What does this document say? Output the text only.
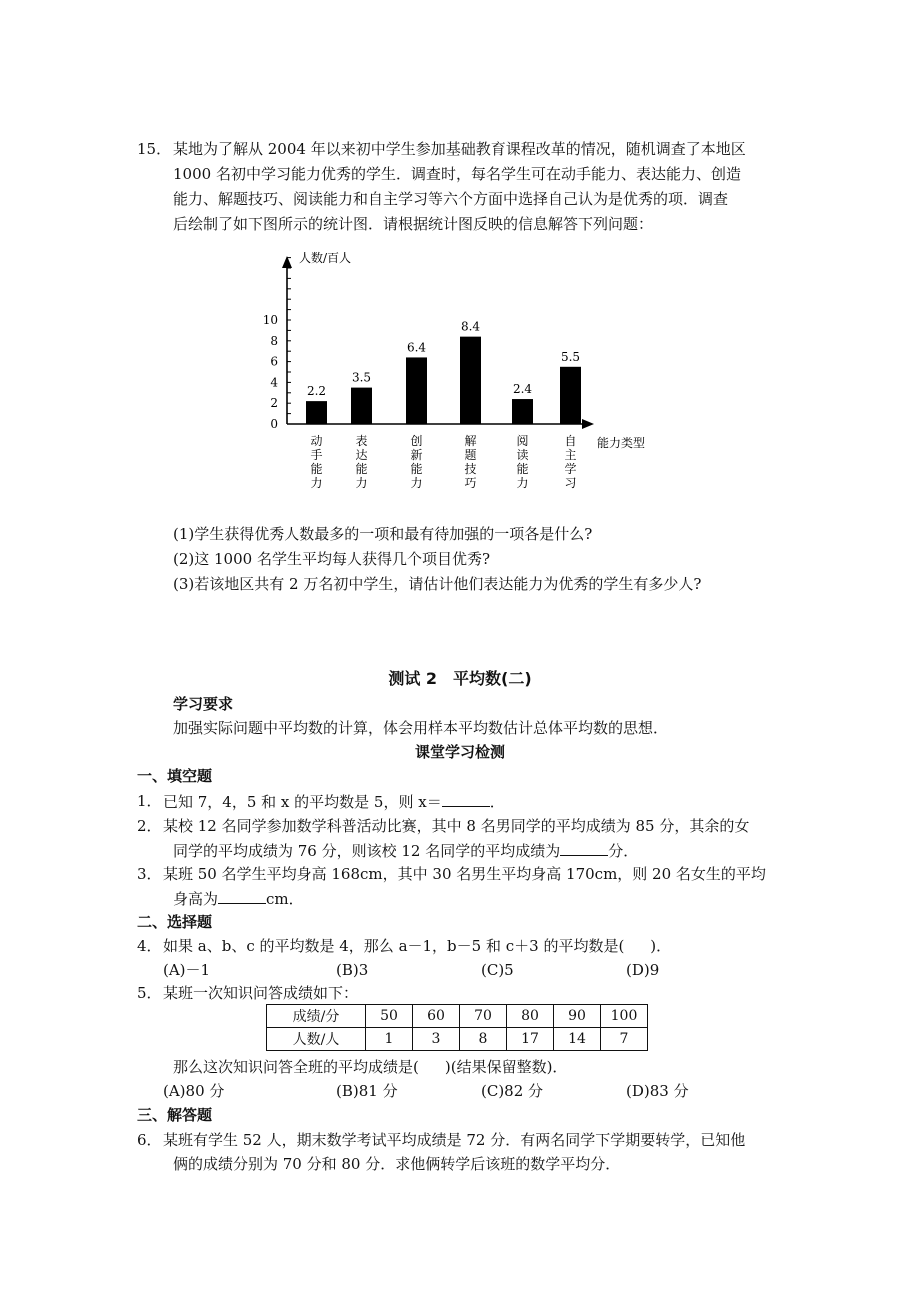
15． 某地为了解从 2004 年以来初中学生参加基础教育课程改革的情况，随机调查了本地区
1000 名初中学习能力优秀的学生．调查时，每名学生可在动手能力、表达能力、创造
能力、解题技巧、阅读能力和自主学习等六个方面中选择自己认为是优秀的项．调查
后绘制了如下图所示的统计图．请根据统计图反映的信息解答下列问题：
0
2
4
6
8
10
人数/百人
能力类型
2.2
动
手
能
力
3.5
表
达
能
力
6.4
创
新
能
力
8.4
解
题
技
巧
2.4
阅
读
能
力
5.5
自
主
学
习
(1)学生获得优秀人数最多的一项和最有待加强的一项各是什么?
(2)这 1000 名学生平均每人获得几个项目优秀?
(3)若该地区共有 2 万名初中学生，请估计他们表达能力为优秀的学生有多少人?
测试 2　平均数(二)
学习要求
加强实际问题中平均数的计算，体会用样本平均数估计总体平均数的思想．
课堂学习检测
一、填空题
1． 已知 7，4，5 和 x 的平均数是 5，则 x＝	．
2． 某校 12 名同学参加数学科普活动比赛，其中 8 名男同学的平均成绩为 85 分，其余的女
同学的平均成绩为 76 分，则该校 12 名同学的平均成绩为	分．
3． 某班 50 名学生平均身高 168cm，其中 30 名男生平均身高 170cm，则 20 名女生的平均
身高为	cm．
二、选择题
4． 如果 a、b、c 的平均数是 4，那么 a－1，b－5 和 c＋3 的平均数是( )．
(A)－1	(B)3	(C)5	(D)9
5． 某班一次知识问答成绩如下：
成绩/分	50	60	70	80	90	100
人数/人	1	3	8	17	14	7
那么这次知识问答全班的平均成绩是( )(结果保留整数)．
(A)80 分	(B)81 分	(C)82 分	(D)83 分
三、解答题
6． 某班有学生 52 人，期末数学考试平均成绩是 72 分．有两名同学下学期要转学，已知他
俩的成绩分别为 70 分和 80 分．求他俩转学后该班的数学平均分．
